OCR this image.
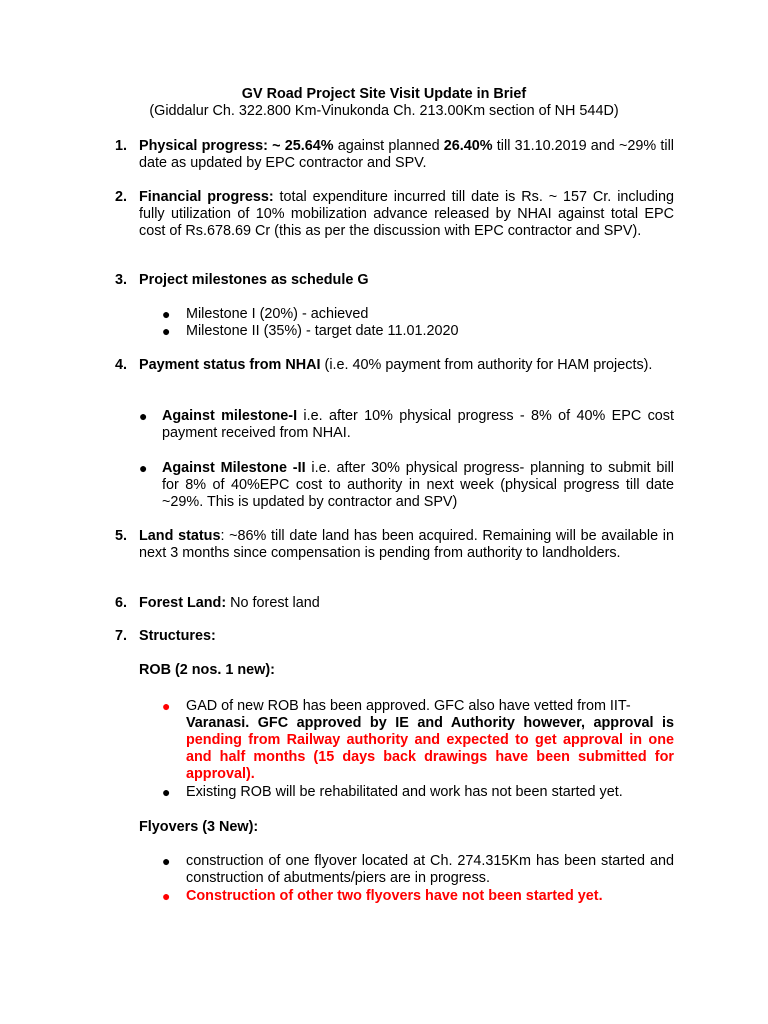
GV Road Project Site Visit Update in Brief
(Giddalur Ch. 322.800 Km-Vinukonda Ch. 213.00Km section of NH 544D)
1. Physical progress: ~ 25.64% against planned 26.40% till 31.10.2019 and ~29% till date as updated by EPC contractor and SPV.
2. Financial progress: total expenditure incurred till date is Rs. ~ 157 Cr. including fully utilization of 10% mobilization advance released by NHAI against total EPC cost of Rs.678.69 Cr (this as per the discussion with EPC contractor and SPV).
3. Project milestones as schedule G
● Milestone I (20%) - achieved
● Milestone II (35%) - target date 11.01.2020
4. Payment status from NHAI (i.e. 40% payment from authority for HAM projects).
● Against milestone-I i.e. after 10% physical progress - 8% of 40% EPC cost payment received from NHAI.
● Against Milestone -II i.e. after 30% physical progress- planning to submit bill for 8% of 40%EPC cost to authority in next week (physical progress till date ~29%. This is updated by contractor and SPV)
5. Land status: ~86% till date land has been acquired. Remaining will be available in next 3 months since compensation is pending from authority to landholders.
6. Forest Land: No forest land
7. Structures:
ROB (2 nos. 1 new):
● GAD of new ROB has been approved. GFC also have vetted from IIT-
Varanasi. GFC approved by IE and Authority however, approval is
pending from Railway authority and expected to get approval in one and half months (15 days back drawings have been submitted for approval).
● Existing ROB will be rehabilitated and work has not been started yet.
Flyovers (3 New):
● construction of one flyover located at Ch. 274.315Km has been started and construction of abutments/piers are in progress.
● Construction of other two flyovers have not been started yet.
